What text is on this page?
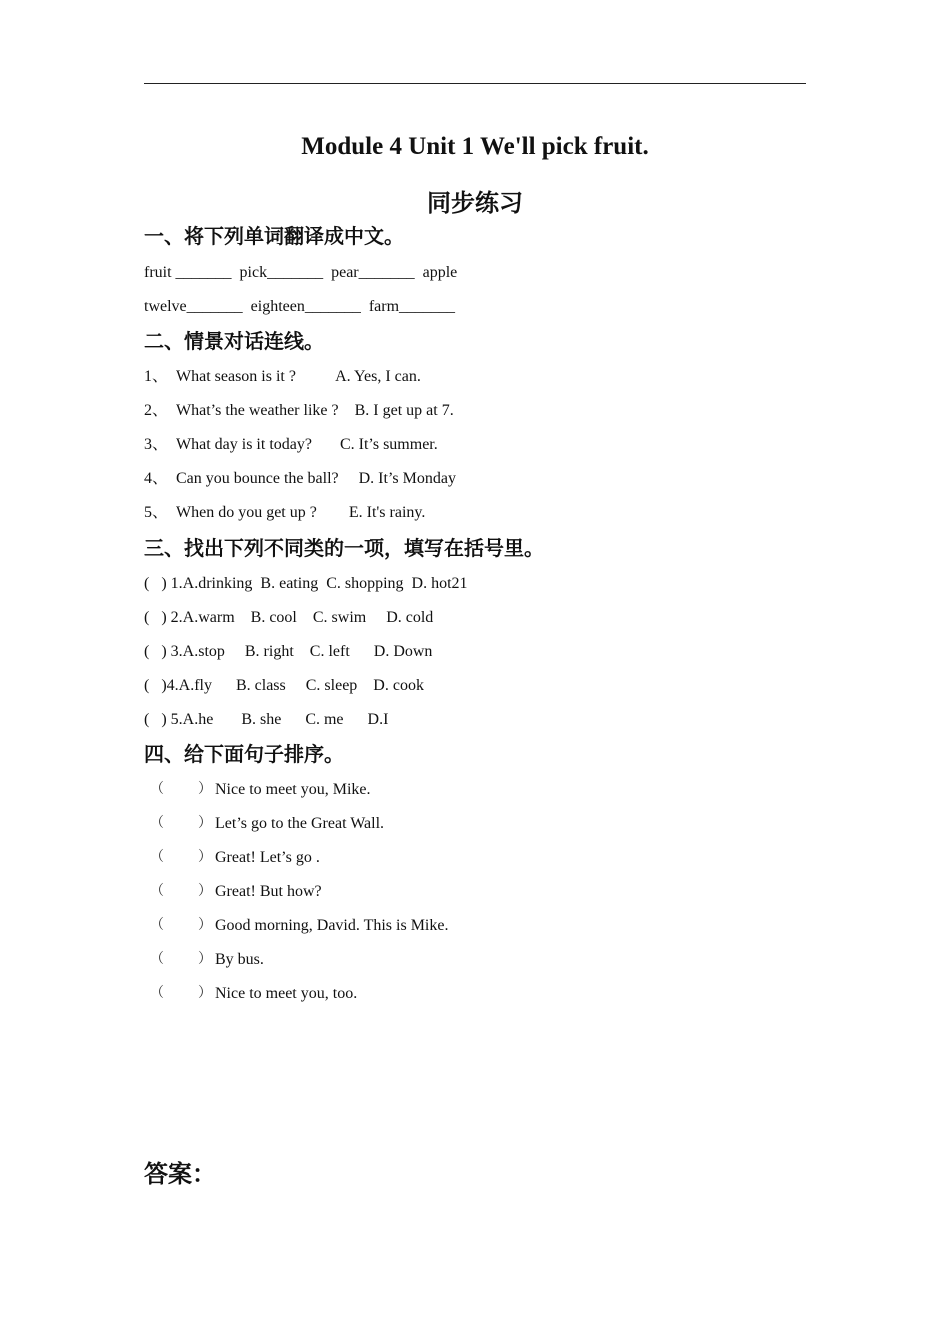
Module 4 Unit 1 We'll pick fruit.
同步练习
一、将下列单词翻译成中文。
fruit _______  pick_______  pear_______  apple
twelve_______  eighteen_______  farm_______
二、情景对话连线。
1、  What season is it ?          A. Yes, I can.
2、  What’s the weather like ?    B. I get up at 7.
3、  What day is it today?       C. It’s summer.
4、  Can you bounce the ball?     D. It’s Monday
5、  When do you get up ?        E. It's rainy.
三、找出下列不同类的一项，填写在括号里。
(   ) 1.A.drinking  B. eating  C. shopping  D. hot21
(   ) 2.A.warm    B. cool    C. swim     D. cold
(   ) 3.A.stop     B. right    C. left      D. Down
(   )4.A.fly      B. class     C. sleep    D. cook
(   ) 5.A.he       B. she      C. me      D.I
四、给下面句子排序。
（ ） Nice to meet you, Mike.
（ ） Let’s go to the Great Wall.
（ ） Great! Let’s go .
（ ） Great! But how?
（ ） Good morning, David. This is Mike.
（ ） By bus.
（ ） Nice to meet you, too.
答案：
